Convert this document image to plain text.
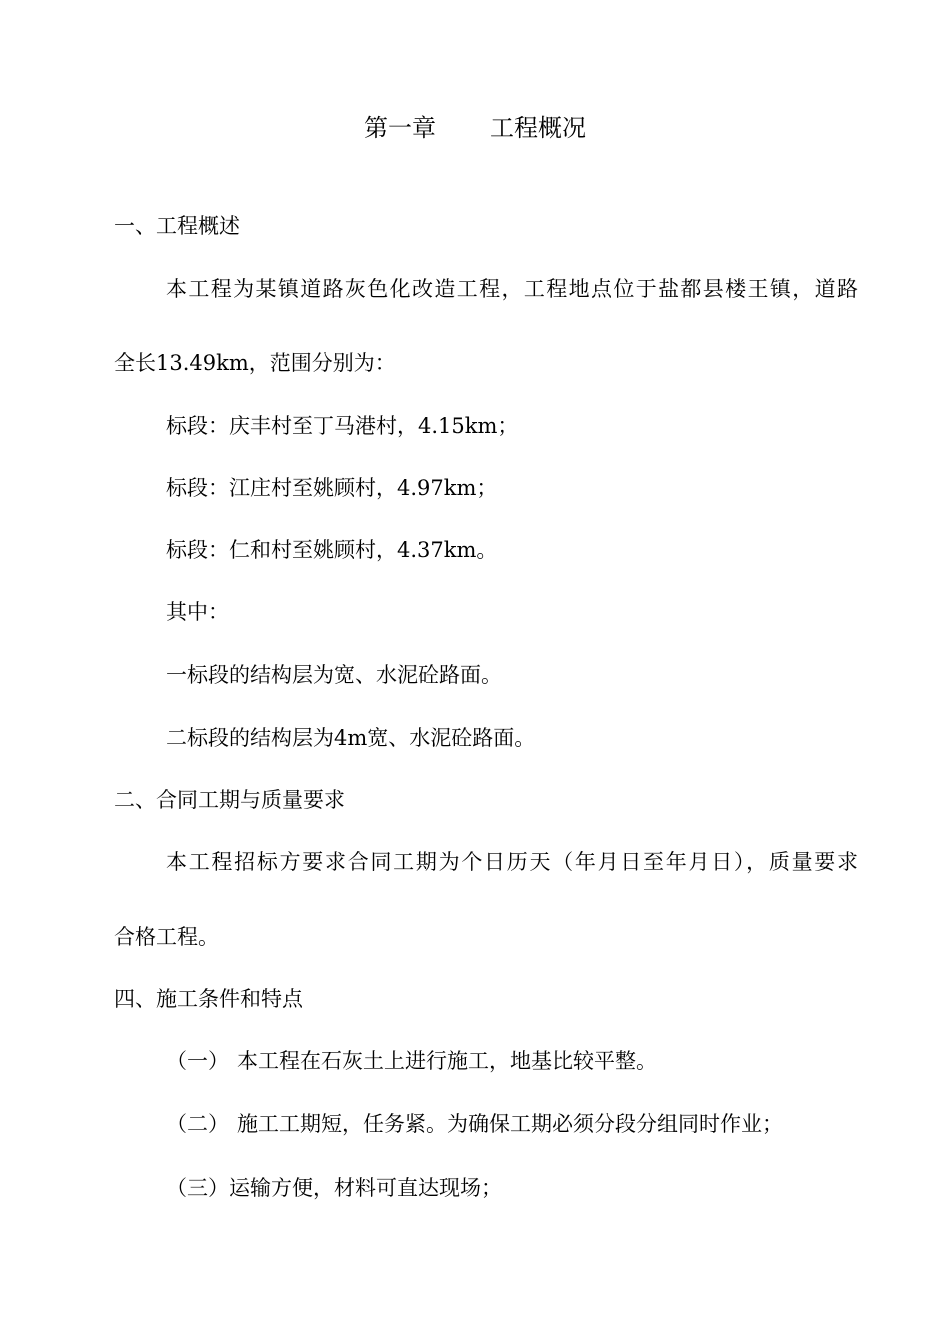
第一章 工程概况
一、工程概述
本工程为某镇道路灰色化改造工程，工程地点位于盐都县楼王镇，道路
全长13.49km，范围分别为：
标段：庆丰村至丁马港村，4.15km；
标段：江庄村至姚顾村，4.97km；
标段：仁和村至姚顾村，4.37km。
其中：
一标段的结构层为宽、水泥砼路面。
二标段的结构层为4m宽、水泥砼路面。
二、合同工期与质量要求
本工程招标方要求合同工期为个日历天（年月日至年月日），质量要求
合格工程。
四、施工条件和特点
（一） 本工程在石灰土上进行施工，地基比较平整。
（二） 施工工期短，任务紧。为确保工期必须分段分组同时作业；
（三）运输方便，材料可直达现场；
